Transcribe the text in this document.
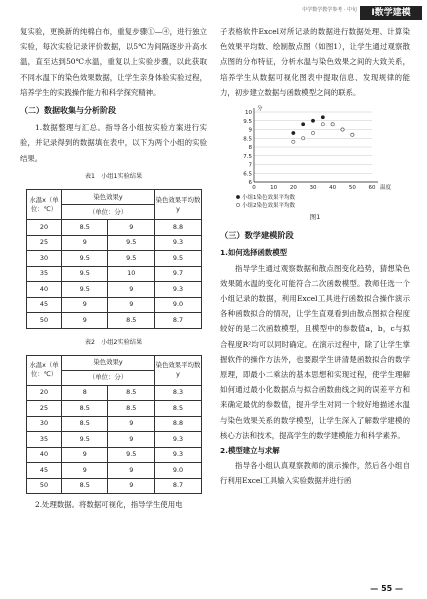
中学数学教学参考 · 中旬	I数学建模

复实验，更换新的纯棉白布，重复步骤①—④，进行独立实验，每次实验记录评价数据，以5℃为间隔逐步升高水温，直至达到50℃水温，重复以上实验步骤，以此获取不同水温下的染色效果数据，让学生亲身体验实验过程，培养学生的实践操作能力和科学探究精神。

（二）数据收集与分析阶段

1.数据整理与汇总。指导各小组按实验方案进行实验，并记录得到的数据填在表中，以下为两个小组的实验结果。

表1　小组1实验结果

水温x（单位：℃）	染色效果y		染色效果平均数y
	（单位：分）		
20	8.5	9	8.8
25	9	9.5	9.3
30	9.5	9.5	9.5
35	9.5	10	9.7
40	9.5	9	9.3
45	9	9	9.0
50	9	8.5	8.7

表2　小组2实验结果

水温x（单位：℃）	染色效果y		染色效果平均数y
	（单位：分）		
20	8	8.5	8.3
25	8.5	8.5	8.5
30	8.5	9	8.8
35	9.5	9	9.3
40	9	9.5	9.3
45	9	9	9.0
50	8.5	9	8.7

2.处理数据。将数据可视化，指导学生使用电

子表格软件Excel对所记录的数据进行数据处理、计算染色效果平均数、绘制散点图（如图1），让学生通过观察散点图的分布特征，分析水温与染色效果之间的大致关系，培养学生从数据可视化图表中提取信息、发现规律的能力，初步建立数据与函数模型之间的联系。

6
6.5
7
7.5
8
8.5
9
9.5
10
0	10 20 30 40 50 60
分
温度
小组1染色效果平均数
小组2染色效果平均数

图1

（三）数学建模阶段

1.如何选择函数模型

指导学生通过观察数据和散点图变化趋势，猜想染色效果随水温的变化可能符合二次函数模型。教师任选一个小组记录的数据，利用Excel工具进行函数拟合操作演示各种函数拟合的情况，让学生直观看到由散点图拟合程度较好的是二次函数模型，且模型中的参数值a，b，c与拟合程度R²均可以同时确定。在演示过程中，除了让学生掌握软件的操作方法外，也要跟学生讲清楚函数拟合的数学原理，即最小二乘法的基本思想和实现过程，使学生理解如何通过最小化数据点与拟合函数曲线之间的误差平方和来确定最优的参数值，提升学生对同一个较好地描述水温与染色效果关系的数学模型，让学生深入了解数学建模的核心方法和技术，提高学生的数学建模能力和科学素养。

2.模型建立与求解

指导各小组认真观察教师的演示操作，然后各小组自行利用Excel工具输入实验数据并进行函

— 55 —
